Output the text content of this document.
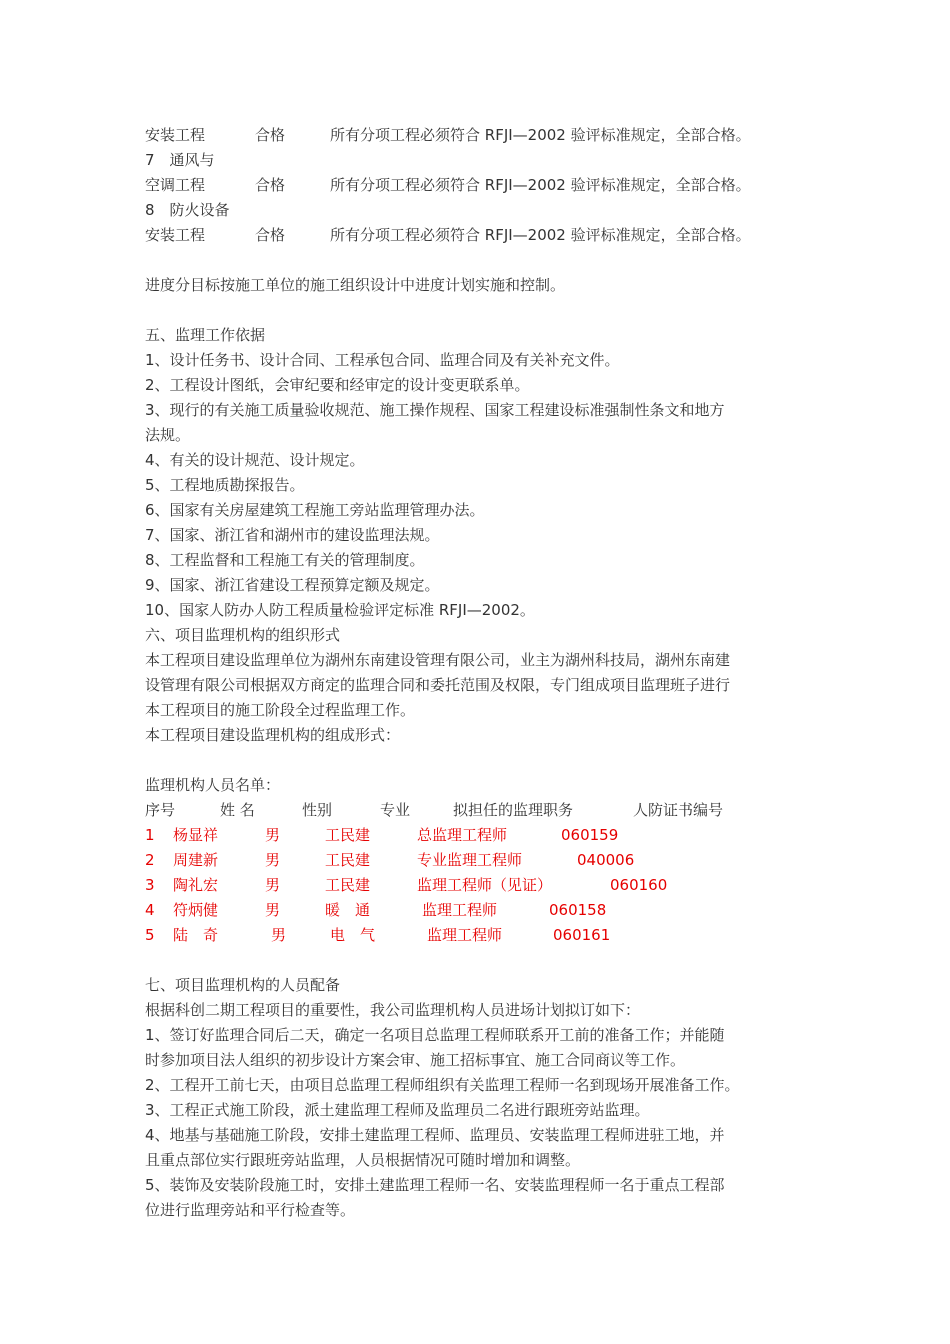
安装工程	合格	所有分项工程必须符合 RFJI—2002 验评标准规定，全部合格。
7　通风与
空调工程	合格	所有分项工程必须符合 RFJI—2002 验评标准规定，全部合格。
8　防火设备
安装工程	合格	所有分项工程必须符合 RFJI—2002 验评标准规定，全部合格。
进度分目标按施工单位的施工组织设计中进度计划实施和控制。
五、监理工作依据
1、设计任务书、设计合同、工程承包合同、监理合同及有关补充文件。
2、工程设计图纸，会审纪要和经审定的设计变更联系单。
3、现行的有关施工质量验收规范、施工操作规程、国家工程建设标准强制性条文和地方
法规。
4、有关的设计规范、设计规定。
5、工程地质勘探报告。
6、国家有关房屋建筑工程施工旁站监理管理办法。
7、国家、浙江省和湖州市的建设监理法规。
8、工程监督和工程施工有关的管理制度。
9、国家、浙江省建设工程预算定额及规定。
10、国家人防办人防工程质量检验评定标准 RFJI—2002。
六、项目监理机构的组织形式
本工程项目建设监理单位为湖州东南建设管理有限公司，业主为湖州科技局，湖州东南建
设管理有限公司根据双方商定的监理合同和委托范围及权限，专门组成项目监理班子进行
本工程项目的施工阶段全过程监理工作。
本工程项目建设监理机构的组成形式：
监理机构人员名单：
序号	姓 名	性别	专业	拟担任的监理职务	人防证书编号
1 杨显祥	男	工民建	总监理工程师	060159
2 周建新	男	工民建	专业监理工程师	040006
3 陶礼宏	男	工民建	监理工程师（见证）	060160
4 符炳健	男	暖　通	监理工程师	060158
5 陆　奇	男	电　气	监理工程师	060161
七、项目监理机构的人员配备
根据科创二期工程项目的重要性，我公司监理机构人员进场计划拟订如下：
1、签订好监理合同后二天，确定一名项目总监理工程师联系开工前的准备工作；并能随
时参加项目法人组织的初步设计方案会审、施工招标事宜、施工合同商议等工作。
2、工程开工前七天，由项目总监理工程师组织有关监理工程师一名到现场开展准备工作。
3、工程正式施工阶段，派土建监理工程师及监理员二名进行跟班旁站监理。
4、地基与基础施工阶段，安排土建监理工程师、监理员、安装监理工程师进驻工地，并
且重点部位实行跟班旁站监理，人员根据情况可随时增加和调整。
5、装饰及安装阶段施工时，安排土建监理工程师一名、安装监理程师一名于重点工程部
位进行监理旁站和平行检查等。
